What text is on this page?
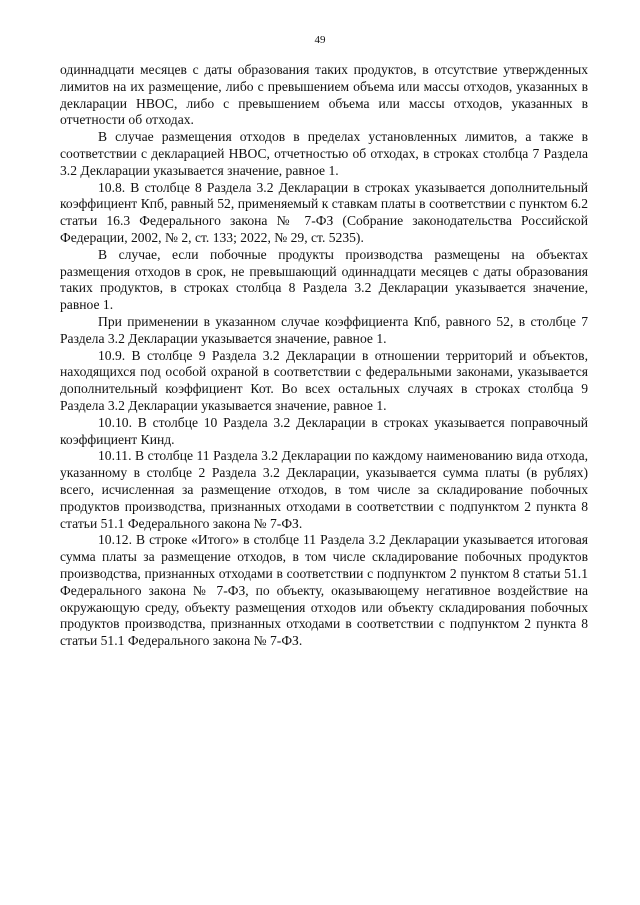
49

одиннадцати месяцев с даты образования таких продуктов, в отсутствие утвержденных лимитов на их размещение, либо с превышением объема или массы отходов, указанных в декларации НВОС, либо с превышением объема или массы отходов, указанных в отчетности об отходах.

В случае размещения отходов в пределах установленных лимитов, а также в соответствии с декларацией НВОС, отчетностью об отходах, в строках столбца 7 Раздела 3.2 Декларации указывается значение, равное 1.

10.8. В столбце 8 Раздела 3.2 Декларации в строках указывается дополнительный коэффициент Кпб, равный 52, применяемый к ставкам платы в соответствии с пунктом 6.2 статьи 16.3 Федерального закона № 7-ФЗ (Собрание законодательства Российской Федерации, 2002, № 2, ст. 133; 2022, № 29, ст. 5235).

В случае, если побочные продукты производства размещены на объектах размещения отходов в срок, не превышающий одиннадцати месяцев с даты образования таких продуктов, в строках столбца 8 Раздела 3.2 Декларации указывается значение, равное 1.

При применении в указанном случае коэффициента Кпб, равного 52, в столбце 7 Раздела 3.2 Декларации указывается значение, равное 1.

10.9. В столбце 9 Раздела 3.2 Декларации в отношении территорий и объектов, находящихся под особой охраной в соответствии с федеральными законами, указывается дополнительный коэффициент Кот. Во всех остальных случаях в строках столбца 9 Раздела 3.2 Декларации указывается значение, равное 1.

10.10. В столбце 10 Раздела 3.2 Декларации в строках указывается поправочный коэффициент Кинд.

10.11. В столбце 11 Раздела 3.2 Декларации по каждому наименованию вида отхода, указанному в столбце 2 Раздела 3.2 Декларации, указывается сумма платы (в рублях) всего, исчисленная за размещение отходов, в том числе за складирование побочных продуктов производства, признанных отходами в соответствии с подпунктом 2 пункта 8 статьи 51.1 Федерального закона № 7-ФЗ.

10.12. В строке «Итого» в столбце 11 Раздела 3.2 Декларации указывается итоговая сумма платы за размещение отходов, в том числе складирование побочных продуктов производства, признанных отходами в соответствии с подпунктом 2 пунктом 8 статьи 51.1 Федерального закона № 7-ФЗ, по объекту, оказывающему негативное воздействие на окружающую среду, объекту размещения отходов или объекту складирования побочных продуктов производства, признанных отходами в соответствии с подпунктом 2 пункта 8 статьи 51.1 Федерального закона № 7-ФЗ.
